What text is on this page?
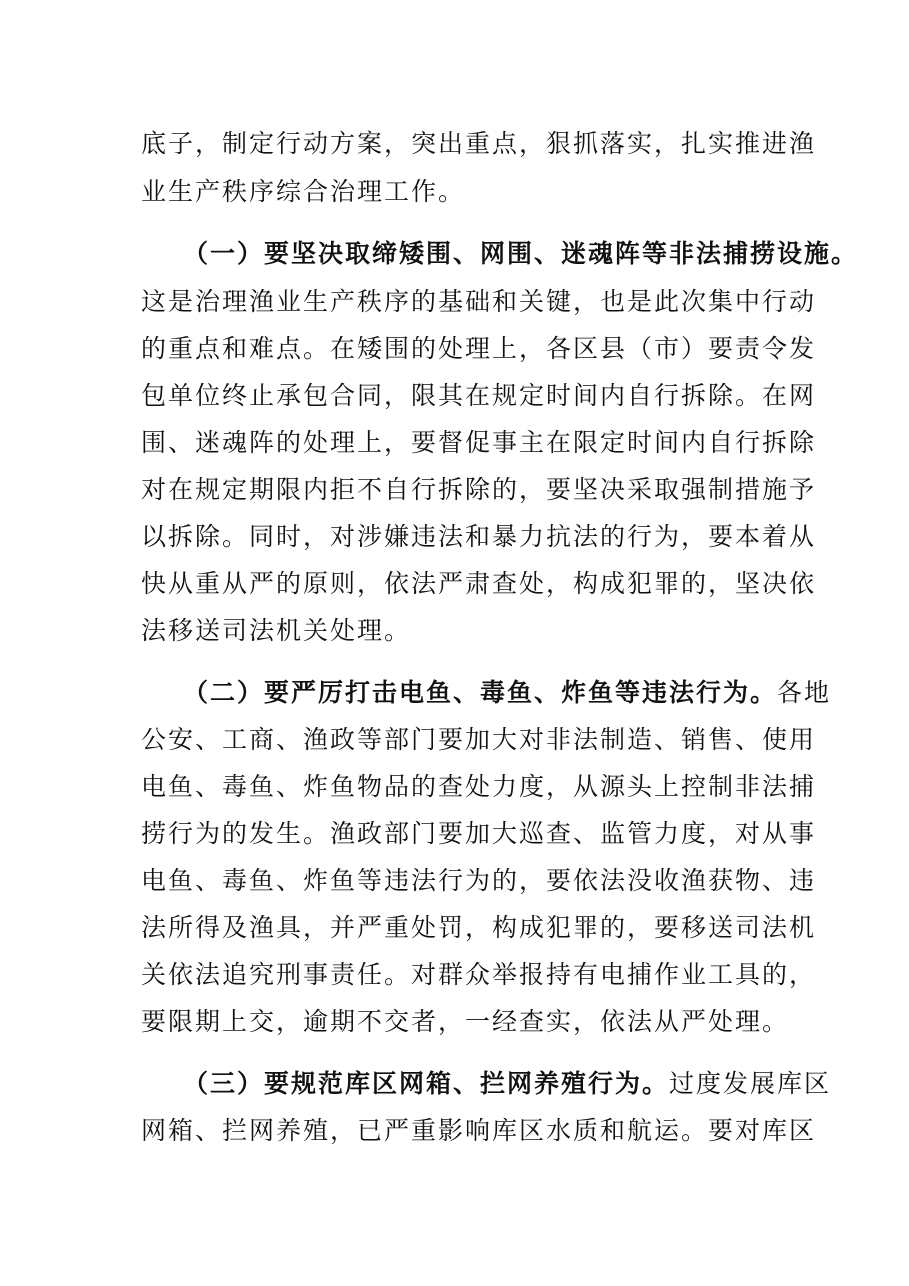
底子，制定行动方案，突出重点，狠抓落实，扎实推进渔
业生产秩序综合治理工作。
（一）要坚决取缔矮围、网围、迷魂阵等非法捕捞设施。
这是治理渔业生产秩序的基础和关键，也是此次集中行动
的重点和难点。在矮围的处理上，各区县（市）要责令发
包单位终止承包合同，限其在规定时间内自行拆除。在网
围、迷魂阵的处理上，要督促事主在限定时间内自行拆除
对在规定期限内拒不自行拆除的，要坚决采取强制措施予
以拆除。同时，对涉嫌违法和暴力抗法的行为，要本着从
快从重从严的原则，依法严肃查处，构成犯罪的，坚决依
法移送司法机关处理。
（二）要严厉打击电鱼、毒鱼、炸鱼等违法行为。各地
公安、工商、渔政等部门要加大对非法制造、销售、使用
电鱼、毒鱼、炸鱼物品的查处力度，从源头上控制非法捕
捞行为的发生。渔政部门要加大巡查、监管力度，对从事
电鱼、毒鱼、炸鱼等违法行为的，要依法没收渔获物、违
法所得及渔具，并严重处罚，构成犯罪的，要移送司法机
关依法追究刑事责任。对群众举报持有电捕作业工具的，
要限期上交，逾期不交者，一经查实，依法从严处理。
（三）要规范库区网箱、拦网养殖行为。过度发展库区
网箱、拦网养殖，已严重影响库区水质和航运。要对库区
